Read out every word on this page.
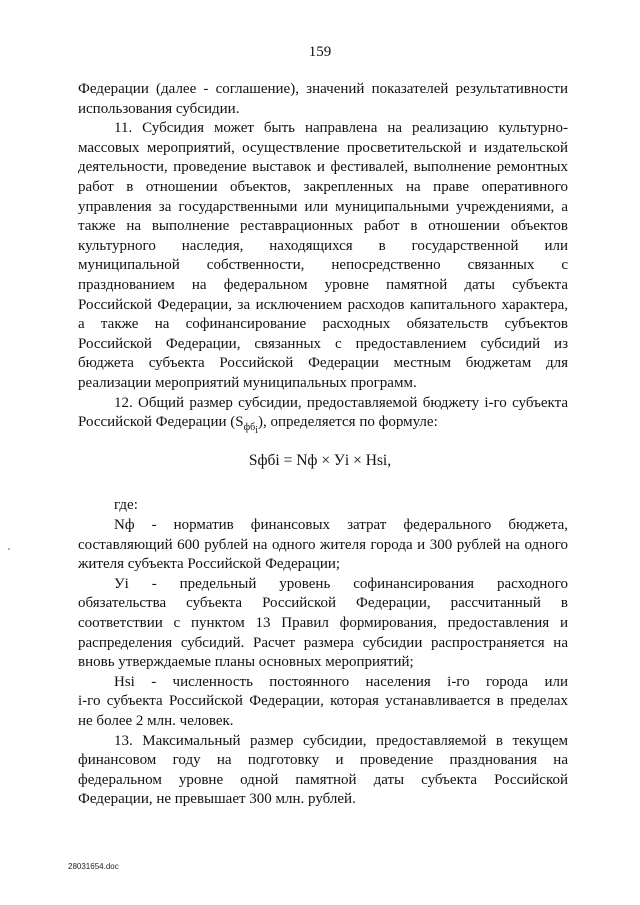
159

Федерации (далее - соглашение), значений показателей результативности

использования субсидии.

11. Субсидия может быть направлена на реализацию культурно-

массовых мероприятий, осуществление просветительской и издательской

деятельности, проведение выставок и фестивалей, выполнение ремонтных

работ в отношении объектов, закрепленных на праве оперативного

управления за государственными или муниципальными учреждениями, а

также на выполнение реставрационных работ в отношении объектов

культурного наследия, находящихся в государственной или

муниципальной собственности, непосредственно связанных с

празднованием на федеральном уровне памятной даты субъекта

Российской Федерации, за исключением расходов капитального характера,

а также на софинансирование расходных обязательств субъектов

Российской Федерации, связанных с предоставлением субсидий из

бюджета субъекта Российской Федерации местным бюджетам для

реализации мероприятий муниципальных программ.

12. Общий размер субсидии, предоставляемой бюджету i-го субъекта

Российской Федерации $(S_{фб_i})$, определяется по формуле:

Sфбi = Nф × Уi × Hsi,
где:

Nф - норматив финансовых затрат федерального бюджета,

составляющий 600 рублей на одного жителя города и 300 рублей на одного

жителя субъекта Российской Федерации;

Уi - предельный уровень софинансирования расходного

обязательства субъекта Российской Федерации, рассчитанный в

соответствии с пунктом 13 Правил формирования, предоставления и

распределения субсидий. Расчет размера субсидии распространяется на

вновь утверждаемые планы основных мероприятий;

Hsi - численность постоянного населения i-го города или

i-го субъекта Российской Федерации, которая устанавливается в пределах

не более 2 млн. человек.

13. Максимальный размер субсидии, предоставляемой в текущем

финансовом году на подготовку и проведение празднования на

федеральном уровне одной памятной даты субъекта Российской

Федерации, не превышает 300 млн. рублей.

28031654.doc
